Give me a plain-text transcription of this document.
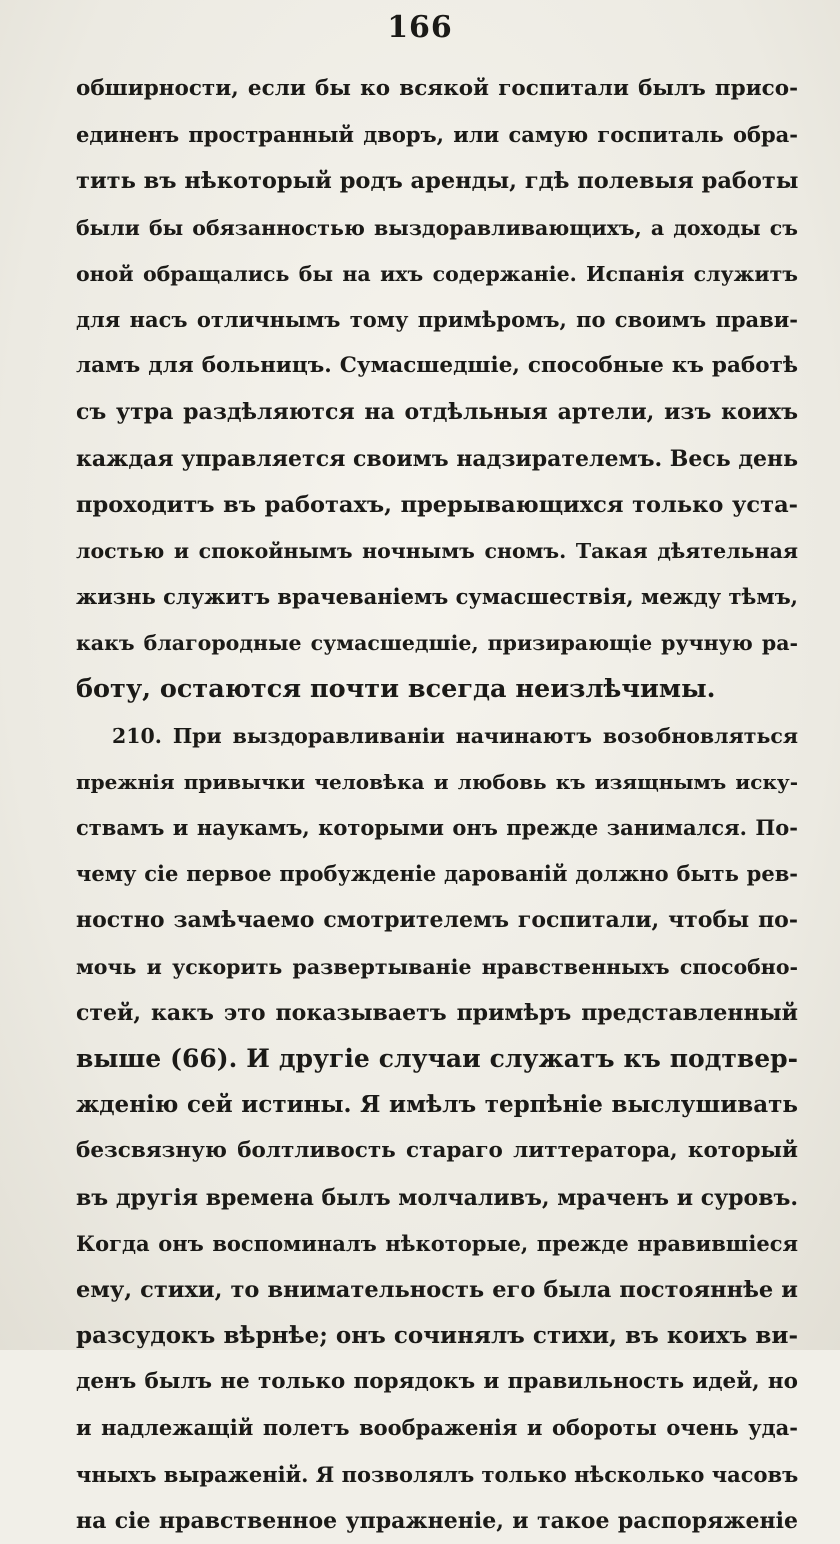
166
обширности, если бы ко всякой госпитали былъ присо-
единенъ пространный дворъ, или самую госпиталь обра-
тить въ нѣкоторый родъ аренды, гдѣ полевыя работы
были бы обязанностью выздоравливающихъ, а доходы съ
оной обращались бы на ихъ содержаніе. Испанія служитъ
для насъ отличнымъ тому примѣромъ, по своимъ прави-
ламъ для больницъ. Сумасшедшіе, способные къ работѣ
съ утра раздѣляются на отдѣльныя артели, изъ коихъ
каждая управляется своимъ надзирателемъ. Весь день
проходитъ въ работахъ, прерывающихся только уста-
лостью и спокойнымъ ночнымъ сномъ. Такая дѣятельная
жизнь служитъ врачеваніемъ сумасшествія, между тѣмъ,
какъ благородные сумасшедшіе, призирающіе ручную ра-
боту, остаются почти всегда неизлѣчимы.
210. При выздоравливаніи начинаютъ возобновляться
прежнія привычки человѣка и любовь къ изящнымъ иску-
ствамъ и наукамъ, которыми онъ прежде занимался. По-
чему сіе первое пробужденіе дарованій должно быть рев-
ностно замѣчаемо смотрителемъ госпитали, чтобы по-
мочь и ускорить развертываніе нравственныхъ способно-
стей, какъ это показываетъ примѣръ представленный
выше (66). И другіе случаи служатъ къ подтвер-
жденію сей истины. Я имѣлъ терпѣніе выслушивать
безсвязную болтливость стараго литтератора, который
въ другія времена былъ молчаливъ, мраченъ и суровъ.
Когда онъ воспоминалъ нѣкоторые, прежде нравившіеся
ему, стихи, то внимательность его была постояннѣе и
разсудокъ вѣрнѣе; онъ сочинялъ стихи, въ коихъ ви-
денъ былъ не только порядокъ и правильность идей, но
и надлежащій полетъ воображенія и обороты очень уда-
чныхъ выраженій. Я позволялъ только нѣсколько часовъ
на сіе нравственное упражненіе, и такое распоряженіе
